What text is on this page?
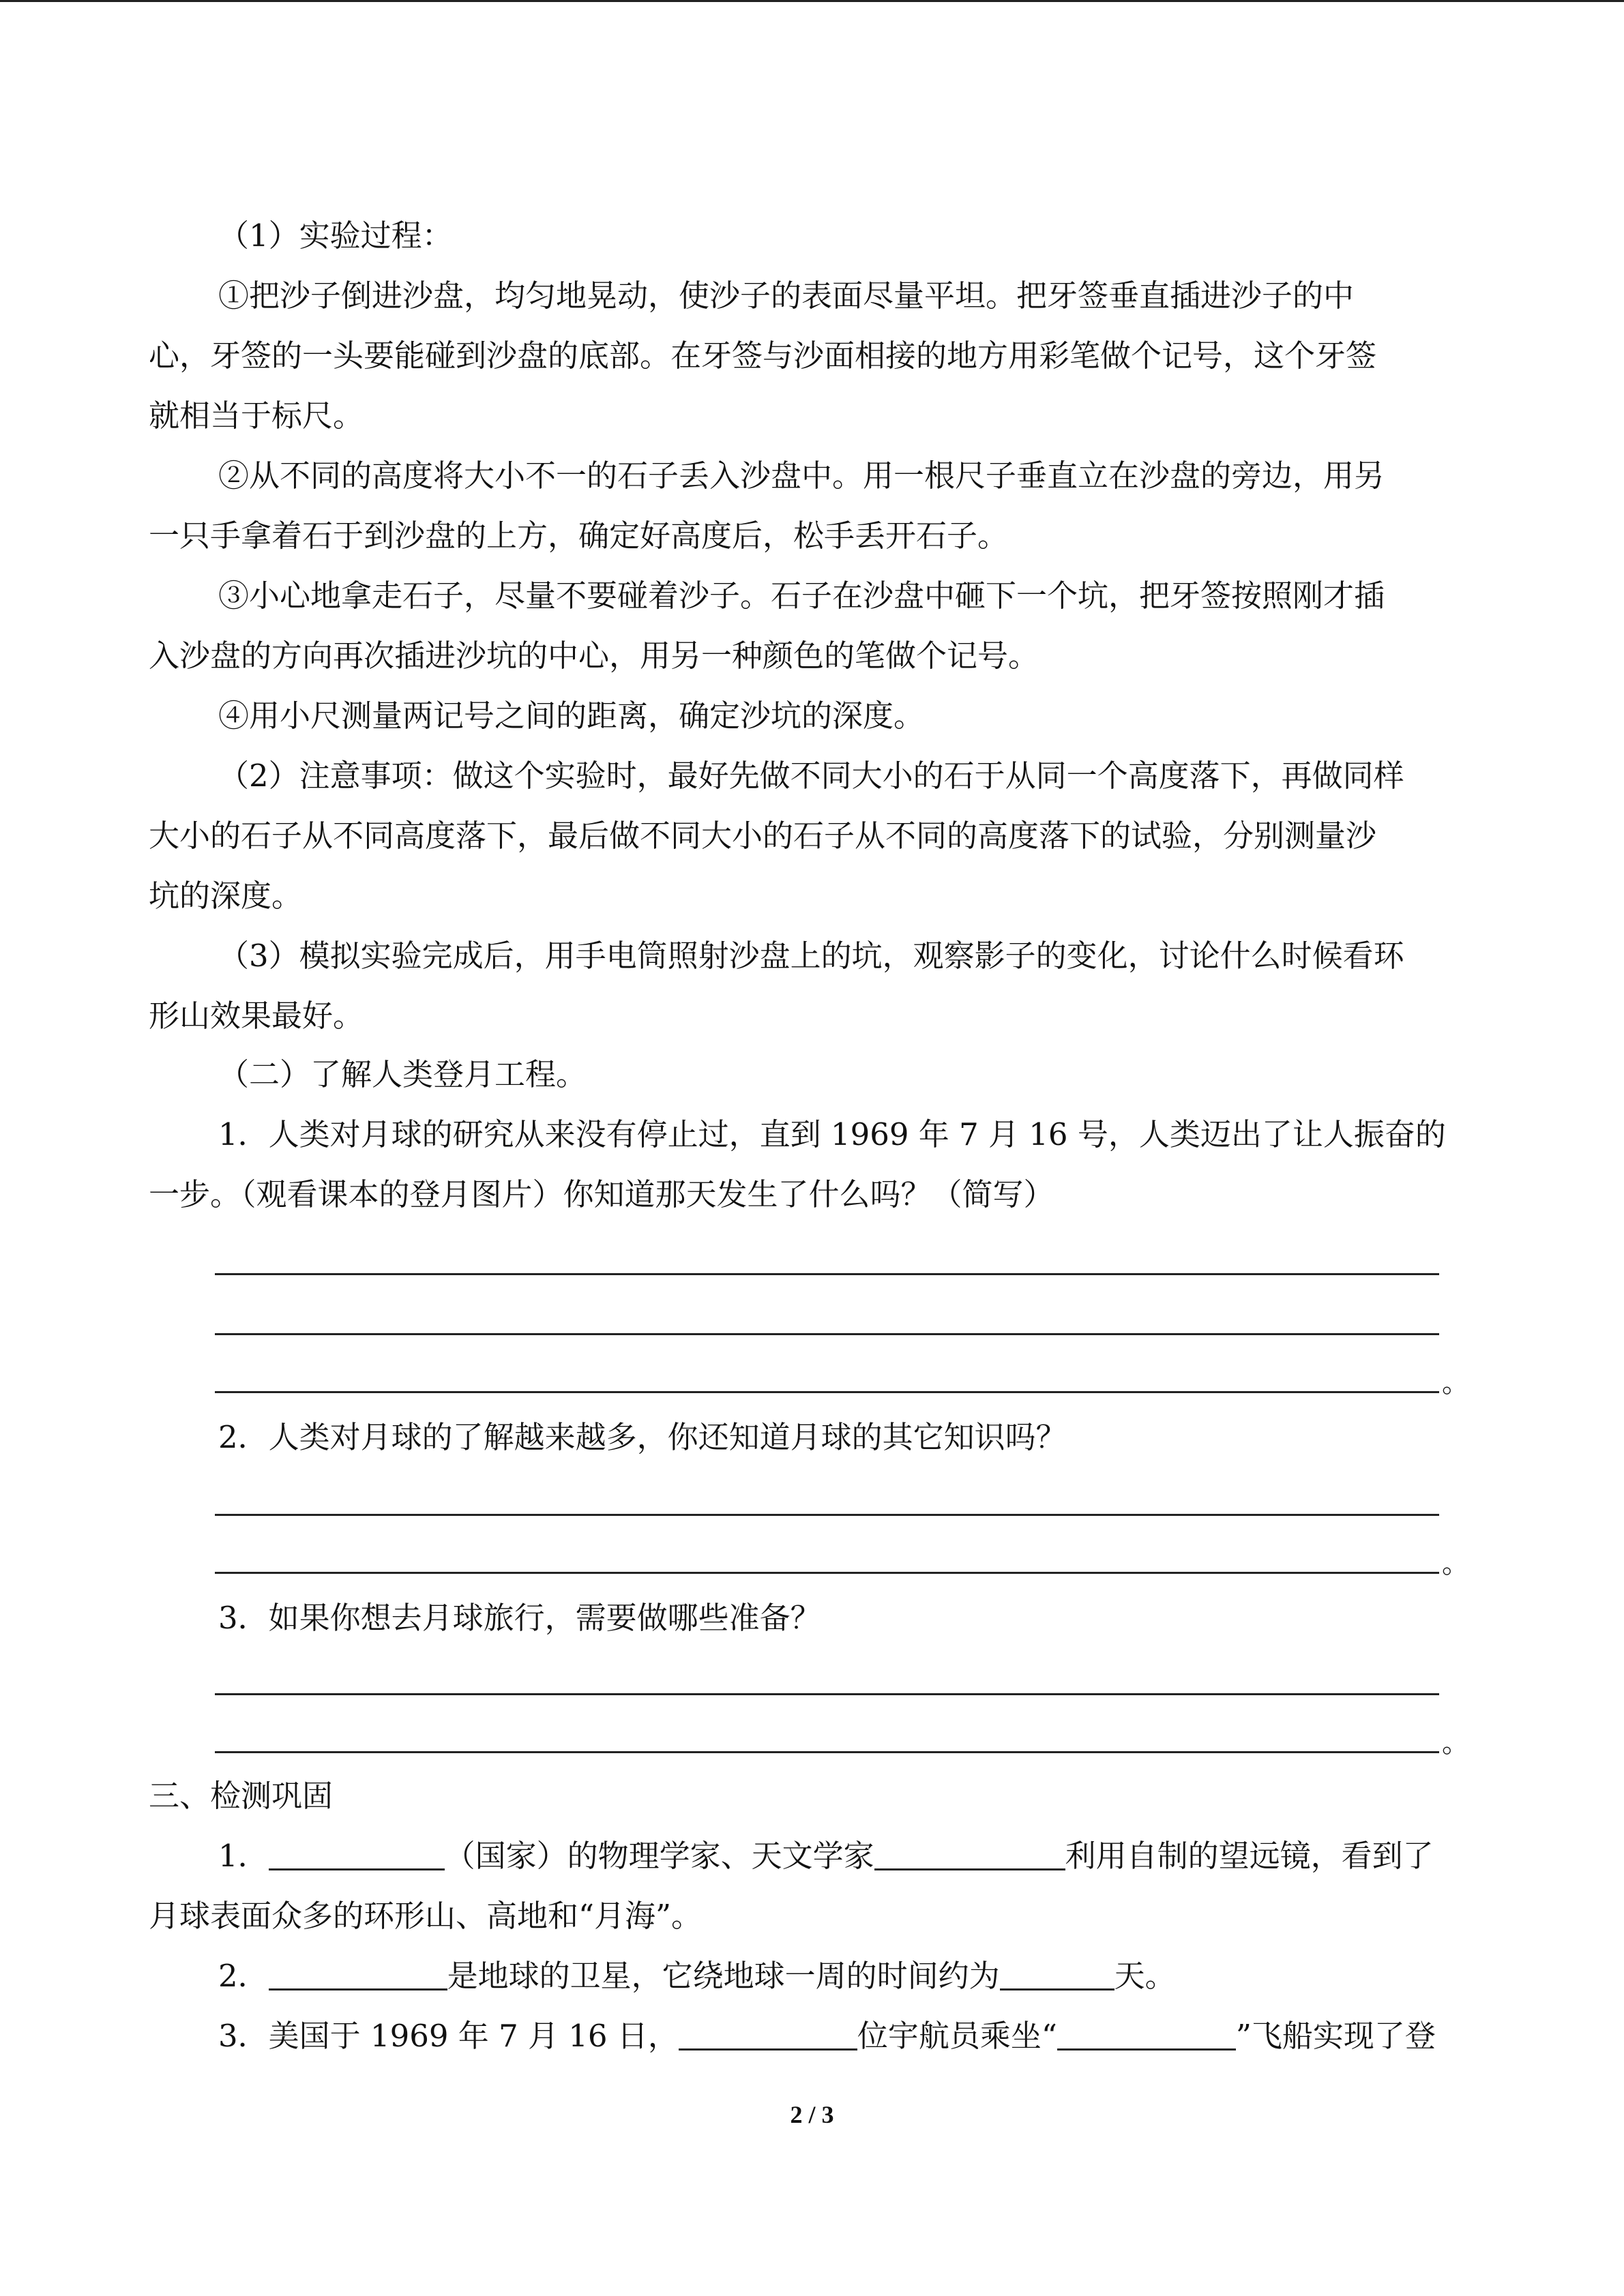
（1）实验过程：
①把沙子倒进沙盘，均匀地晃动，使沙子的表面尽量平坦。把牙签垂直插进沙子的中
心，牙签的一头要能碰到沙盘的底部。在牙签与沙面相接的地方用彩笔做个记号，这个牙签
就相当于标尺。
②从不同的高度将大小不一的石子丢入沙盘中。用一根尺子垂直立在沙盘的旁边，用另
一只手拿着石于到沙盘的上方，确定好高度后，松手丢开石子。
③小心地拿走石子，尽量不要碰着沙子。石子在沙盘中砸下一个坑，把牙签按照刚才插
入沙盘的方向再次插进沙坑的中心，用另一种颜色的笔做个记号。
④用小尺测量两记号之间的距离，确定沙坑的深度。
（2）注意事项：做这个实验时，最好先做不同大小的石于从同一个高度落下，再做同样
大小的石子从不同高度落下，最后做不同大小的石子从不同的高度落下的试验，分别测量沙
坑的深度。
（3）模拟实验完成后，用手电筒照射沙盘上的坑，观察影子的变化，讨论什么时候看环
形山效果最好。
（二）了解人类登月工程。
1．人类对月球的研究从来没有停止过，直到 1969 年 7 月 16 号，人类迈出了让人振奋的
一步。（观看课本的登月图片）你知道那天发生了什么吗？（简写）
。
2．人类对月球的了解越来越多，你还知道月球的其它知识吗？
。
3．如果你想去月球旅行，需要做哪些准备？
。
三、检测巩固
1．	（国家）的物理学家、天文学家	利用自制的望远镜，看到了
月球表面众多的环形山、高地和“月海”。
2．	是地球的卫星，它绕地球一周的时间约为	天。
3．美国于 1969 年 7 月 16 日，	位宇航员乘坐“	”飞船实现了登
2 / 3
